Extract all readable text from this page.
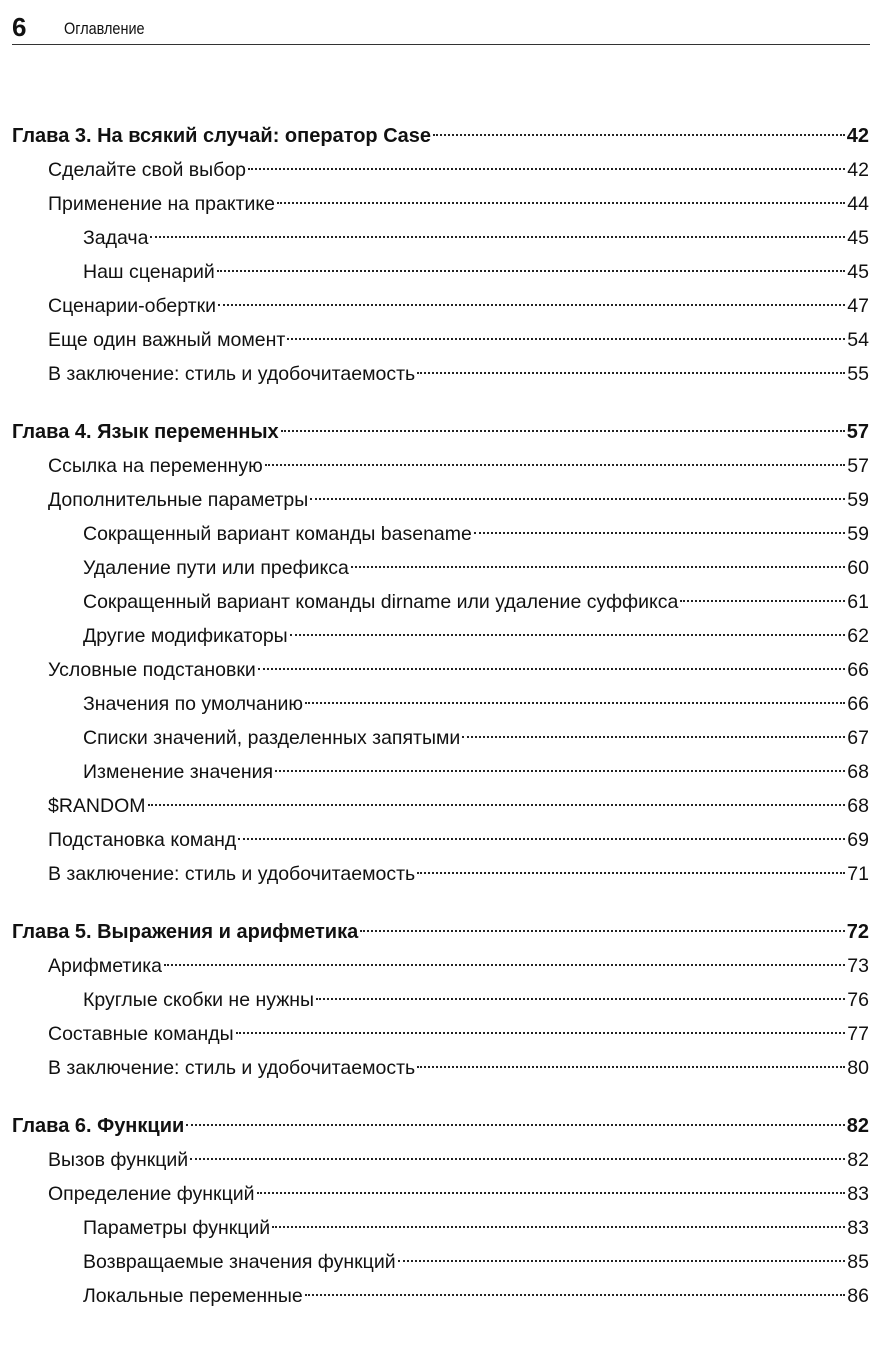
6 Оглавление
Глава 3. На всякий случай: оператор Case	42
Сделайте свой выбор	42
Применение на практике	44
Задача	45
Наш сценарий	45
Сценарии-обертки	47
Еще один важный момент	54
В заключение: стиль и удобочитаемость	55
Глава 4. Язык переменных	57
Ссылка на переменную	57
Дополнительные параметры	59
Сокращенный вариант команды basename	59
Удаление пути или префикса	60
Сокращенный вариант команды dirname или удаление суффикса	61
Другие модификаторы	62
Условные подстановки	66
Значения по умолчанию	66
Списки значений, разделенных запятыми	67
Изменение значения	68
$RANDOM	68
Подстановка команд	69
В заключение: стиль и удобочитаемость	71
Глава 5. Выражения и арифметика	72
Арифметика	73
Круглые скобки не нужны	76
Составные команды	77
В заключение: стиль и удобочитаемость	80
Глава 6. Функции	82
Вызов функций	82
Определение функций	83
Параметры функций	83
Возвращаемые значения функций	85
Локальные переменные	86
